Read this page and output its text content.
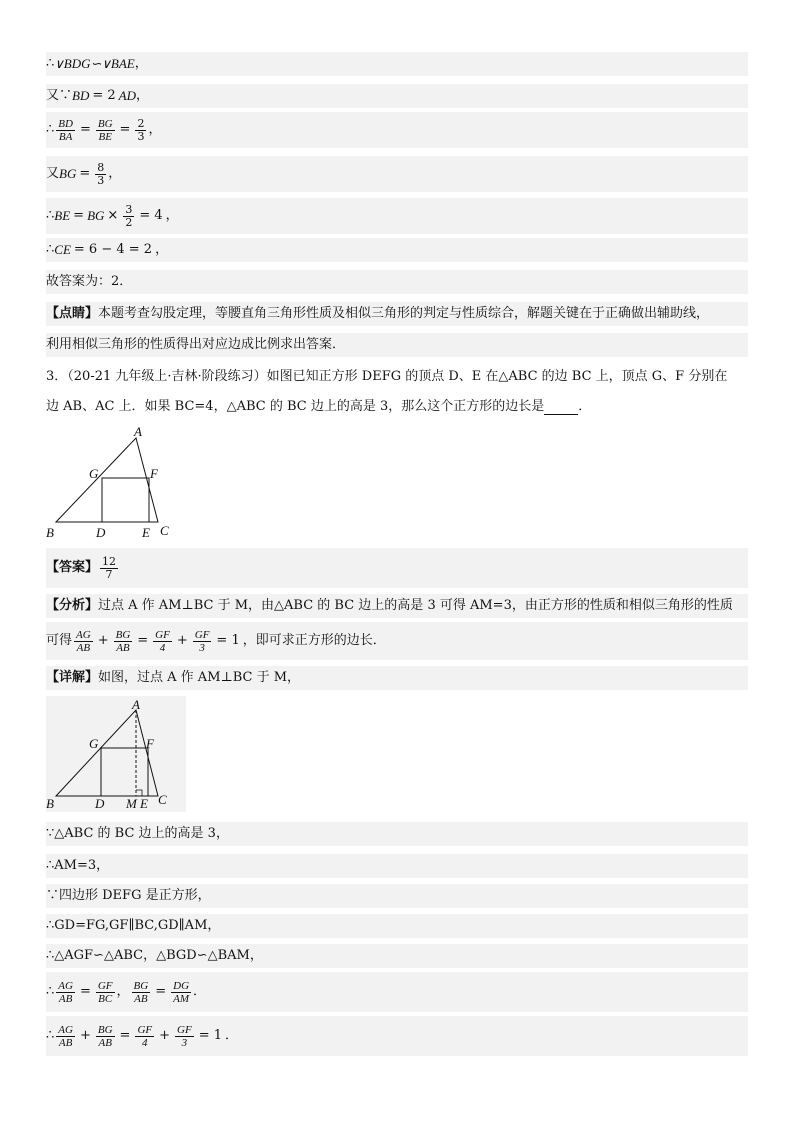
∴ ∨BDG∽∨BAE ，
又∵ BD = 2 AD ，
∴ $\frac{BD}{BA} = \frac{BG}{BE} = \frac{2}{3}$ ，
又 BG = $\frac{8}{3}$ ，
∴ BE = BG × $\frac{3}{2} = 4$ ，
∴ CE = 6 − 4 = 2 ，
故答案为：2．
【点睛】 本题考查勾股定理，等腰直角三角形性质及相似三角形的判定与性质综合，解题关键在于正确做出辅助线，
利用相似三角形的性质得出对应边成比例求出答案．
3．（20-21 九年级上·吉林·阶段练习）如图已知正方形 DEFG 的顶点 D、E 在△ABC 的边 BC 上，顶点 G、F 分别在
边 AB、AC 上．如果 BC=4，△ABC 的 BC 边上的高是 3，那么这个正方形的边长是	．
A
B	C
D	E
F
G
【答案】 $\frac{12}{7}$
【分析】 过点 A 作 AM⊥BC 于 M，由△ABC 的 BC 边上的高是 3 可得 AM=3，由正方形的性质和相似三角形的性质
可得 $\frac{AG}{AB} + \frac{BG}{AB} = \frac{GF}{4} + \frac{GF}{3} = 1$ ，即可求正方形的边长．
【详解】 如图，过点 A 作 AM⊥BC 于 M，
A
B	C
D	E
F
G
M
∵△ABC 的 BC 边上的高是 3，
∴AM=3，
∵四边形 DEFG 是正方形，
∴GD=FG,GF∥BC,GD∥AM，
∴△AGF∽△ABC，△BGD∽△BAM，
∴ $\frac{AG}{AB} = \frac{GF}{BC}$ ， $\frac{BG}{AB} = \frac{DG}{AM}$ ．
∴ $\frac{AG}{AB} + \frac{BG}{AB} = \frac{GF}{4} + \frac{GF}{3} = 1$ ．
